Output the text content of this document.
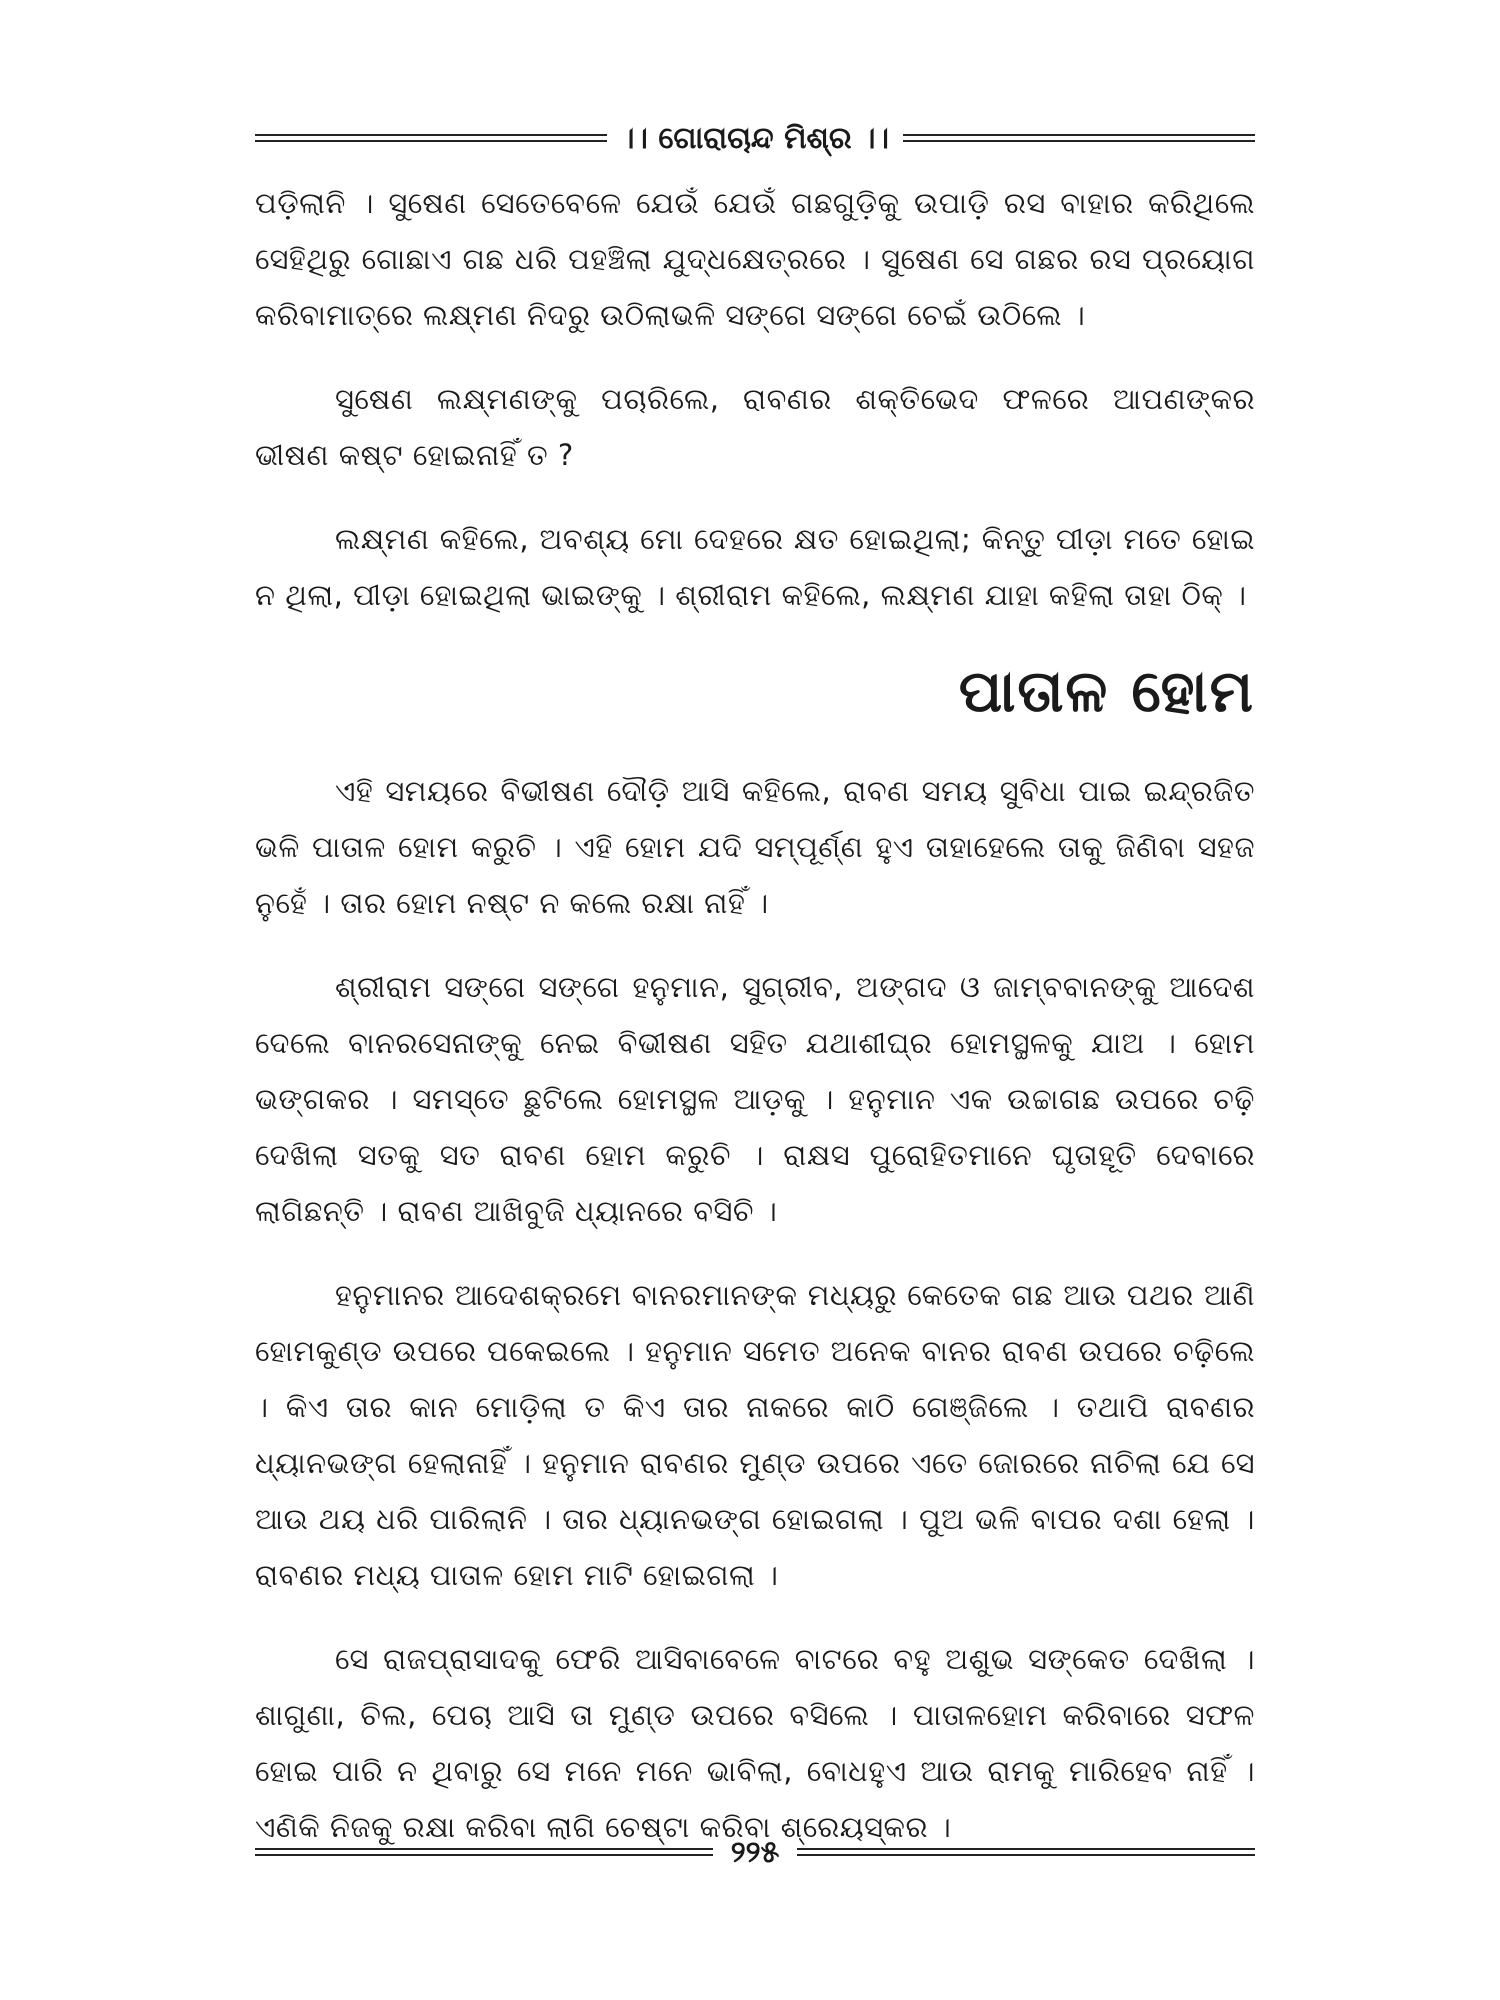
।। ଗୋରାଚାନ୍ଦ ମିଶ୍ର ।।

ପଡ଼ିଲାନି । ସୁଷେଣ ସେତେବେଳେ ଯେଉଁ ଯେଉଁ ଗଛଗୁଡ଼ିକୁ ଉପାଡ଼ି ରସ ବାହାର କରିଥିଲେ ସେହିଥିରୁ ଗୋଛାଏ ଗଛ ଧରି ପହଞ୍ଚିଲା ଯୁଦ୍ଧକ୍ଷେତ୍ରରେ । ସୁଷେଣ ସେ ଗଛର ରସ ପ୍ରୟୋଗ କରିବାମାତ୍ରେ ଲକ୍ଷ୍ମଣ ନିଦରୁ ଉଠିଲାଭଳି ସଙ୍ଗେ ସଙ୍ଗେ ଚେଇଁ ଉଠିଲେ ।

ସୁଷେଣ ଲକ୍ଷ୍ମଣଙ୍କୁ ପଚାରିଲେ, ରାବଣର ଶକ୍ତିଭେଦ ଫଳରେ ଆପଣଙ୍କର ଭୀଷଣ କଷ୍ଟ ହୋଇନାହିଁ ତ ?

ଲକ୍ଷ୍ମଣ କହିଲେ, ଅବଶ୍ୟ ମୋ ଦେହରେ କ୍ଷତ ହୋଇଥିଲା; କିନ୍ତୁ ପୀଡ଼ା ମତେ ହୋଇ ନ ଥିଲା, ପୀଡ଼ା ହୋଇଥିଲା ଭାଇଙ୍କୁ । ଶ୍ରୀରାମ କହିଲେ, ଲକ୍ଷ୍ମଣ ଯାହା କହିଲା ତାହା ଠିକ୍ ।

ପାତାଳ ହୋମ

ଏହି ସମୟରେ ବିଭୀଷଣ ଦୌଡ଼ି ଆସି କହିଲେ, ରାବଣ ସମୟ ସୁବିଧା ପାଇ ଇନ୍ଦ୍ରଜିତ ଭଳି ପାତାଳ ହୋମ କରୁଚି । ଏହି ହୋମ ଯଦି ସମ୍ପୂର୍ଣ୍ଣ ହୁଏ ତାହାହେଲେ ତାକୁ ଜିଣିବା ସହଜ ନୁହେଁ । ତାର ହୋମ ନଷ୍ଟ ନ କଲେ ରକ୍ଷା ନାହିଁ ।

ଶ୍ରୀରାମ ସଙ୍ଗେ ସଙ୍ଗେ ହନୁମାନ, ସୁଗ୍ରୀବ, ଅଙ୍ଗଦ ଓ ଜାମ୍ବବାନଙ୍କୁ ଆଦେଶ ଦେଲେ ବାନରସେନାଙ୍କୁ ନେଇ ବିଭୀଷଣ ସହିତ ଯଥାଶୀଘ୍ର ହୋମସ୍ଥଳକୁ ଯାଅ । ହୋମ ଭଙ୍ଗକର । ସମସ୍ତେ ଛୁଟିଲେ ହୋମସ୍ଥଳ ଆଡ଼କୁ । ହନୁମାନ ଏକ ଉଚ୍ଚାଗଛ ଉପରେ ଚଢ଼ି ଦେଖିଲା ସତକୁ ସତ ରାବଣ ହୋମ କରୁଚି । ରାକ୍ଷସ ପୁରୋହିତମାନେ ଘୃତାହୂତି ଦେବାରେ ଲାଗିଛନ୍ତି । ରାବଣ ଆଖିବୁଜି ଧ୍ୟାନରେ ବସିଚି ।

ହନୁମାନର ଆଦେଶକ୍ରମେ ବାନରମାନଙ୍କ ମଧ୍ୟରୁ କେତେକ ଗଛ ଆଉ ପଥର ଆଣି ହୋମକୁଣ୍ଡ ଉପରେ ପକେଇଲେ । ହନୁମାନ ସମେତ ଅନେକ ବାନର ରାବଣ ଉପରେ ଚଢ଼ିଲେ । କିଏ ତାର କାନ ମୋଡ଼ିଲା ତ କିଏ ତାର ନାକରେ କାଠି ଗେଞ୍ଜିଲେ । ତଥାପି ରାବଣର ଧ୍ୟାନଭଙ୍ଗ ହେଲାନାହିଁ । ହନୁମାନ ରାବଣର ମୁଣ୍ଡ ଉପରେ ଏତେ ଜୋରରେ ନାଚିଲା ଯେ ସେ ଆଉ ଥୟ ଧରି ପାରିଲାନି । ତାର ଧ୍ୟାନଭଙ୍ଗ ହୋଇଗଲା । ପୁଅ ଭଳି ବାପର ଦଶା ହେଲା । ରାବଣର ମଧ୍ୟ ପାତାଳ ହୋମ ମାଟି ହୋଇଗଲା ।

ସେ ରାଜପ୍ରାସାଦକୁ ଫେରି ଆସିବାବେଳେ ବାଟରେ ବହୁ ଅଶୁଭ ସଙ୍କେତ ଦେଖିଲା । ଶାଗୁଣା, ଚିଲ, ପେଚା ଆସି ତା ମୁଣ୍ଡ ଉପରେ ବସିଲେ । ପାତାଳହୋମ କରିବାରେ ସଫଳ ହୋଇ ପାରି ନ ଥିବାରୁ ସେ ମନେ ମନେ ଭାବିଲା, ବୋଧହୁଏ ଆଉ ରାମକୁ ମାରିହେବ ନାହିଁ । ଏଣିକି ନିଜକୁ ରକ୍ଷା କରିବା ଲାଗି ଚେଷ୍ଟା କରିବା ଶ୍ରେୟସ୍କର ।

୨୨୫
